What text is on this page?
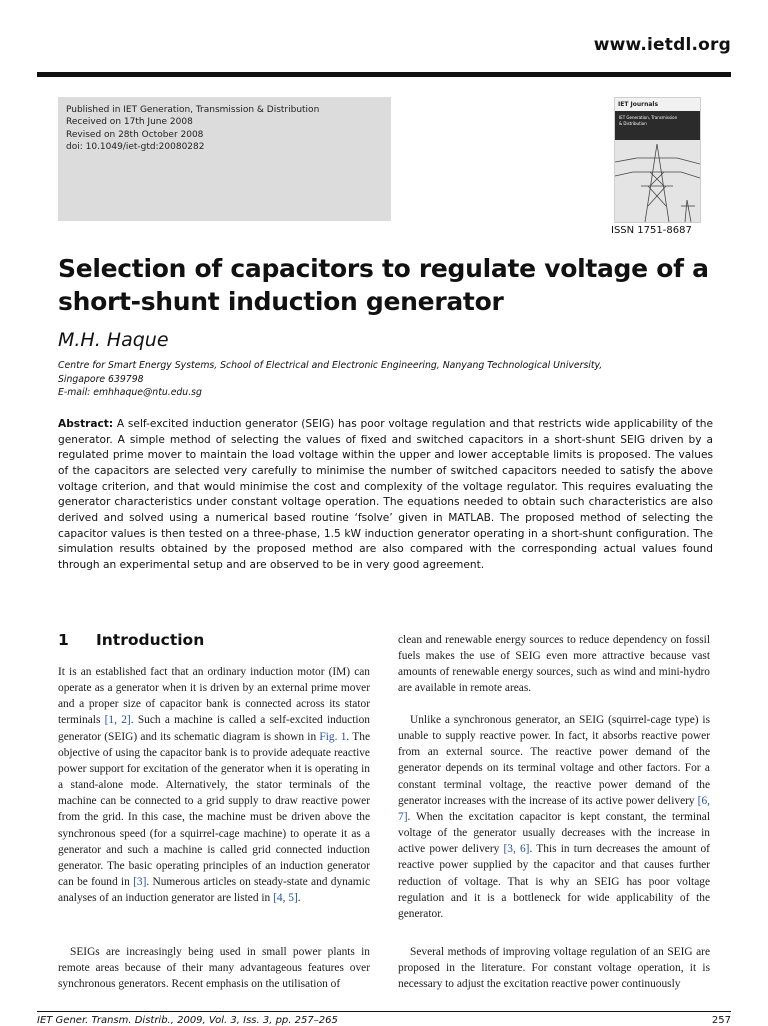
www.ietdl.org
Published in IET Generation, Transmission & Distribution
Received on 17th June 2008
Revised on 28th October 2008
doi: 10.1049/iet-gtd:20080282
IET Journals
IET Generation, Transmission
& Distribution
ISSN 1751-8687
Selection of capacitors to regulate voltage of a short-shunt induction generator
M.H. Haque
Centre for Smart Energy Systems, School of Electrical and Electronic Engineering, Nanyang Technological University,
Singapore 639798
E-mail: emhhaque@ntu.edu.sg

Abstract: A self-excited induction generator (SEIG) has poor voltage regulation and that restricts wide applicability of the generator. A simple method of selecting the values of fixed and switched capacitors in a short-shunt SEIG driven by a regulated prime mover to maintain the load voltage within the upper and lower acceptable limits is proposed. The values of the capacitors are selected very carefully to minimise the number of switched capacitors needed to satisfy the above voltage criterion, and that would minimise the cost and complexity of the voltage regulator. This requires evaluating the generator characteristics under constant voltage operation. The equations needed to obtain such characteristics are also derived and solved using a numerical based routine ‘fsolve’ given in MATLAB. The proposed method of selecting the capacitor values is then tested on a three-phase, 1.5 kW induction generator operating in a short-shunt configuration. The simulation results obtained by the proposed method are also compared with the corresponding actual values found through an experimental setup and are observed to be in very good agreement.

1 Introduction
It is an established fact that an ordinary induction motor (IM) can operate as a generator when it is driven by an external prime mover and a proper size of capacitor bank is connected across its stator terminals [1, 2]. Such a machine is called a self-excited induction generator (SEIG) and its schematic diagram is shown in Fig. 1. The objective of using the capacitor bank is to provide adequate reactive power support for excitation of the generator when it is operating in a stand-alone mode. Alternatively, the stator terminals of the machine can be connected to a grid supply to draw reactive power from the grid. In this case, the machine must be driven above the synchronous speed (for a squirrel-cage machine) to operate it as a generator and such a machine is called grid connected induction generator. The basic operating principles of an induction generator can be found in [3]. Numerous articles on steady-state and dynamic analyses of an induction generator are listed in [4, 5].
SEIGs are increasingly being used in small power plants in remote areas because of their many advantageous features over synchronous generators. Recent emphasis on the utilisation of
clean and renewable energy sources to reduce dependency on fossil fuels makes the use of SEIG even more attractive because vast amounts of renewable energy sources, such as wind and mini-hydro are available in remote areas.
Unlike a synchronous generator, an SEIG (squirrel-cage type) is unable to supply reactive power. In fact, it absorbs reactive power from an external source. The reactive power demand of the generator depends on its terminal voltage and other factors. For a constant terminal voltage, the reactive power demand of the generator increases with the increase of its active power delivery [6, 7]. When the excitation capacitor is kept constant, the terminal voltage of the generator usually decreases with the increase in active power delivery [3, 6]. This in turn decreases the amount of reactive power supplied by the capacitor and that causes further reduction of voltage. That is why an SEIG has poor voltage regulation and it is a bottleneck for wide applicability of the generator.
Several methods of improving voltage regulation of an SEIG are proposed in the literature. For constant voltage operation, it is necessary to adjust the excitation reactive power continuously
IET Gener. Transm. Distrib., 2009, Vol. 3, Iss. 3, pp. 257–265	257
